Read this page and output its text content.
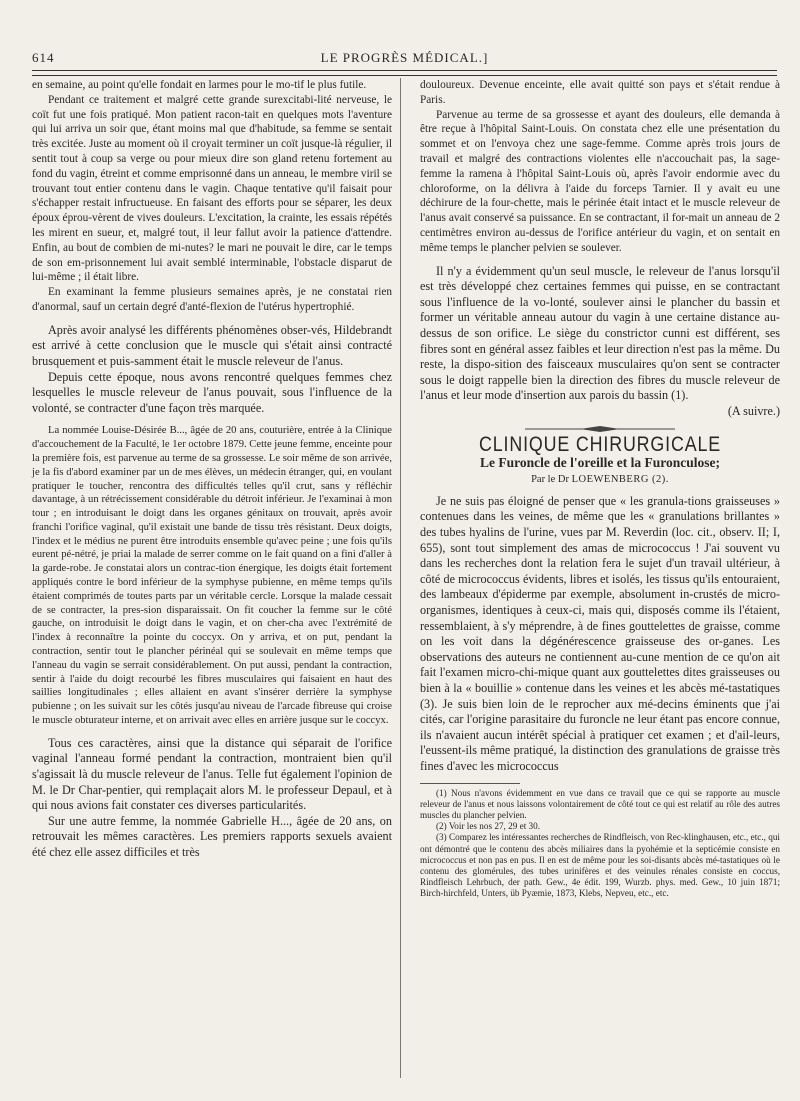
614	LE PROGRÈS MÉDICAL.]

en semaine, au point qu'elle fondait en larmes pour le mo-tif le plus futile.

Pendant ce traitement et malgré cette grande surexcitabi-lité nerveuse, le coït fut une fois pratiqué. Mon patient racon-tait en quelques mots l'aventure qui lui arriva un soir que, étant moins mal que d'habitude, sa femme se sentait très excitée. Juste au moment où il croyait terminer un coït jusque-là régulier, il sentit tout à coup sa verge ou pour mieux dire son gland retenu fortement au fond du vagin, étreint et comme emprisonné dans un anneau, le membre viril se trouvant tout entier contenu dans le vagin. Chaque tentative qu'il faisait pour s'échapper restait infructueuse. En faisant des efforts pour se séparer, les deux époux éprou-vèrent de vives douleurs. L'excitation, la crainte, les essais répétés les mirent en sueur, et, malgré tout, il leur fallut avoir la patience d'attendre. Enfin, au bout de combien de mi-nutes? le mari ne pouvait le dire, car le temps de son em-prisonnement lui avait semblé interminable, l'obstacle disparut de lui-même ; il était libre.

En examinant la femme plusieurs semaines après, je ne constatai rien d'anormal, sauf un certain degré d'anté-flexion de l'utérus hypertrophié.

Après avoir analysé les différents phénomènes obser-vés, Hildebrandt est arrivé à cette conclusion que le muscle qui s'était ainsi contracté brusquement et puis-samment était le muscle releveur de l'anus.

Depuis cette époque, nous avons rencontré quelques femmes chez lesquelles le muscle releveur de l'anus pouvait, sous l'influence de la volonté, se contracter d'une façon très marquée.

La nommée Louise-Désirée B..., âgée de 20 ans, couturière, entrée à la Clinique d'accouchement de la Faculté, le 1er octobre 1879. Cette jeune femme, enceinte pour la première fois, est parvenue au terme de sa grossesse. Le soir même de son arrivée, je la fis d'abord examiner par un de mes élèves, un médecin étranger, qui, en voulant pratiquer le toucher, rencontra des difficultés telles qu'il crut, sans y réfléchir davantage, à un rétrécissement considérable du détroit inférieur. Je l'examinai à mon tour ; en introduisant le doigt dans les organes génitaux on trouvait, après avoir franchi l'orifice vaginal, qu'il existait une bande de tissu très résistant. Deux doigts, l'index et le médius ne purent être introduits ensemble qu'avec peine ; une fois qu'ils eurent pé-nétré, je priai la malade de serrer comme on le fait quand on a fini d'aller à la garde-robe. Je constatai alors un contrac-tion énergique, les doigts était fortement appliqués contre le bord inférieur de la symphyse pubienne, en même temps qu'ils étaient comprimés de toutes parts par un véritable cercle. Lorsque la malade cessait de se contracter, la pres-sion disparaissait. On fit coucher la femme sur le côté gauche, on introduisit le doigt dans le vagin, et on cher-cha avec l'extrémité de l'index à reconnaître la pointe du coccyx. On y arriva, et on put, pendant la contraction, sentir tout le plancher périnéal qui se soulevait en même temps que l'anneau du vagin se serrait considérablement. On put aussi, pendant la contraction, sentir à l'aide du doigt recourbé les fibres musculaires qui faisaient en haut des saillies longitudinales ; elles allaient en avant s'insérer derrière la symphyse pubienne ; on les suivait sur les côtés jusqu'au niveau de l'arcade fibreuse qui croise le muscle obturateur interne, et on arrivait avec elles en arrière jusque sur le coccyx.

Tous ces caractères, ainsi que la distance qui séparait de l'orifice vaginal l'anneau formé pendant la contraction, montraient bien qu'il s'agissait là du muscle releveur de l'anus. Telle fut également l'opinion de M. le Dr Char-pentier, qui remplaçait alors M. le professeur Depaul, et à qui nous avions fait constater ces diverses particularités.

Sur une autre femme, la nommée Gabrielle H..., âgée de 20 ans, on retrouvait les mêmes caractères. Les premiers rapports sexuels avaient été chez elle assez difficiles et très

douloureux. Devenue enceinte, elle avait quitté son pays et s'était rendue à Paris.

Parvenue au terme de sa grossesse et ayant des douleurs, elle demanda à être reçue à l'hôpital Saint-Louis. On constata chez elle une présentation du sommet et on l'envoya chez une sage-femme. Comme après trois jours de travail et malgré des contractions violentes elle n'accouchait pas, la sage-femme la ramena à l'hôpital Saint-Louis où, après l'avoir endormie avec du chloroforme, on la délivra à l'aide du forceps Tarnier. Il y avait eu une déchirure de la four-chette, mais le périnée était intact et le muscle releveur de l'anus avait conservé sa puissance. En se contractant, il for-mait un anneau de 2 centimètres environ au-dessus de l'orifice antérieur du vagin, et on sentait en même temps le plancher pelvien se soulever.

Il n'y a évidemment qu'un seul muscle, le releveur de l'anus lorsqu'il est très développé chez certaines femmes qui puisse, en se contractant sous l'influence de la vo-lonté, soulever ainsi le plancher du bassin et former un véritable anneau autour du vagin à une certaine distance au-dessus de son orifice. Le siège du constrictor cunni est différent, ses fibres sont en général assez faibles et leur direction n'est pas la même. Du reste, la dispo-sition des faisceaux musculaires qu'on sent se contracter sous le doigt rappelle bien la direction des fibres du muscle releveur de l'anus et leur mode d'insertion aux parois du bassin (1).

(A suivre.)

CLINIQUE CHIRURGICALE
Le Furoncle de l'oreille et la Furonculose;
Par le Dr LOEWENBERG (2).

Je ne suis pas éloigné de penser que « les granula-tions graisseuses » contenues dans les veines, de même que les « granulations brillantes » des tubes hyalins de l'urine, vues par M. Reverdin (loc. cit., observ. II; I, 655), sont tout simplement des amas de micrococcus ! J'ai souvent vu dans les recherches dont la relation fera le sujet d'un travail ultérieur, à côté de micrococcus évidents, libres et isolés, les tissus qu'ils entouraient, des lambeaux d'épiderme par exemple, absolument in-crustés de micro-organismes, identiques à ceux-ci, mais qui, disposés comme ils l'étaient, ressemblaient, à s'y méprendre, à de fines gouttelettes de graisse, comme on les voit dans la dégénérescence graisseuse des or-ganes. Les observations des auteurs ne contiennent au-cune mention de ce qu'on ait fait l'examen micro-chi-mique quant aux gouttelettes dites graisseuses ou bien à la « bouillie » contenue dans les veines et les abcès mé-tastatiques (3). Je suis bien loin de le reprocher aux mé-decins éminents que j'ai cités, car l'origine parasitaire du furoncle ne leur étant pas encore connue, ils n'avaient aucun intérêt spécial à pratiquer cet examen ; et d'ail-leurs, l'eussent-ils même pratiqué, la distinction des granulations de graisse très fines d'avec les micrococcus

(1) Nous n'avons évidemment en vue dans ce travail que ce qui se rapporte au muscle releveur de l'anus et nous laissons volontairement de côté tout ce qui est relatif au rôle des autres muscles du plancher pelvien.

(2) Voir les nos 27, 29 et 30.

(3) Comparez les intéressantes recherches de Rindfleisch, von Rec-klinghausen, etc., etc., qui ont démontré que le contenu des abcès miliaires dans la pyohémie et la septicémie consiste en micrococcus et non pas en pus. Il en est de même pour les soi-disants abcès mé-tastatiques où le contenu des glomérules, des tubes urinifères et des veinules rénales consiste en coccus, Rindfleisch Lehrbuch, der path. Gew., 4e édit. 199, Wurzb. phys. med. Gew., 10 juin 1871; Birch-hirchfeld, Unters, üb Pyæmie, 1873, Klebs, Nepveu, etc., etc.
